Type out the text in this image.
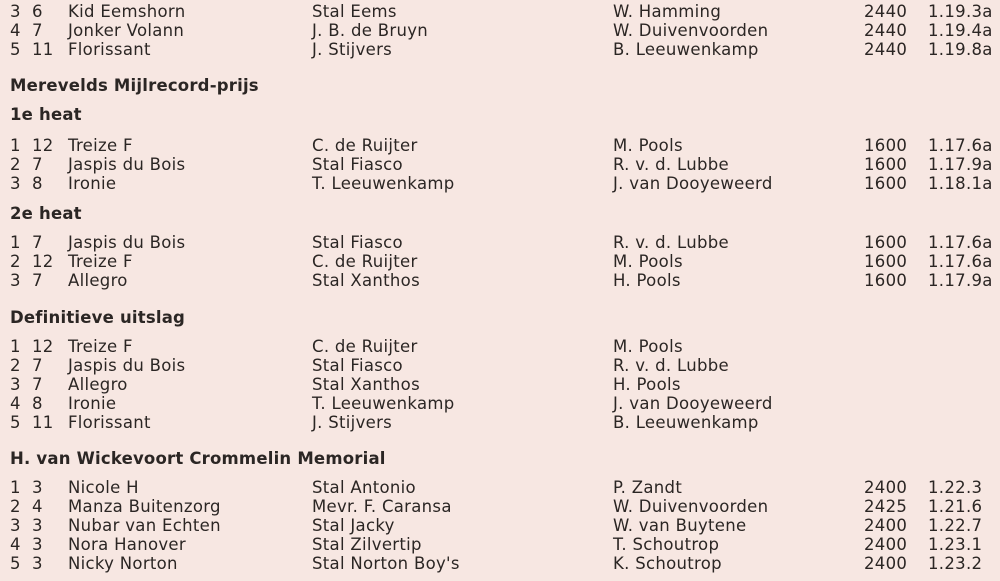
3 6 Kid Eemshorn	Stal Eems	W. Hamming	2440 1.19.3a
4 7 Jonker Volann	J. B. de Bruyn	W. Duivenvoorden	2440 1.19.4a
5 11 Florissant	J. Stijvers	B. Leeuwenkamp	2440 1.19.8a
Merevelds Mijlrecord-prijs
1e heat
1 12 Treize F	C. de Ruijter	M. Pools	1600 1.17.6a
2 7 Jaspis du Bois	Stal Fiasco	R. v. d. Lubbe	1600 1.17.9a
3 8 Ironie	T. Leeuwenkamp	J. van Dooyeweerd	1600 1.18.1a
2e heat
1 7 Jaspis du Bois	Stal Fiasco	R. v. d. Lubbe	1600 1.17.6a
2 12 Treize F	C. de Ruijter	M. Pools	1600 1.17.6a
3 7 Allegro	Stal Xanthos	H. Pools	1600 1.17.9a
Definitieve uitslag
1 12 Treize F	C. de Ruijter	M. Pools
2 7 Jaspis du Bois	Stal Fiasco	R. v. d. Lubbe
3 7 Allegro	Stal Xanthos	H. Pools
4 8 Ironie	T. Leeuwenkamp	J. van Dooyeweerd
5 11 Florissant	J. Stijvers	B. Leeuwenkamp
H. van Wickevoort Crommelin Memorial
1 3 Nicole H	Stal Antonio	P. Zandt	2400 1.22.3
2 4 Manza Buitenzorg	Mevr. F. Caransa	W. Duivenvoorden	2425 1.21.6
3 3 Nubar van Echten	Stal Jacky	W. van Buytene	2400 1.22.7
4 3 Nora Hanover	Stal Zilvertip	T. Schoutrop	2400 1.23.1
5 3 Nicky Norton	Stal Norton Boy's	K. Schoutrop	2400 1.23.2
